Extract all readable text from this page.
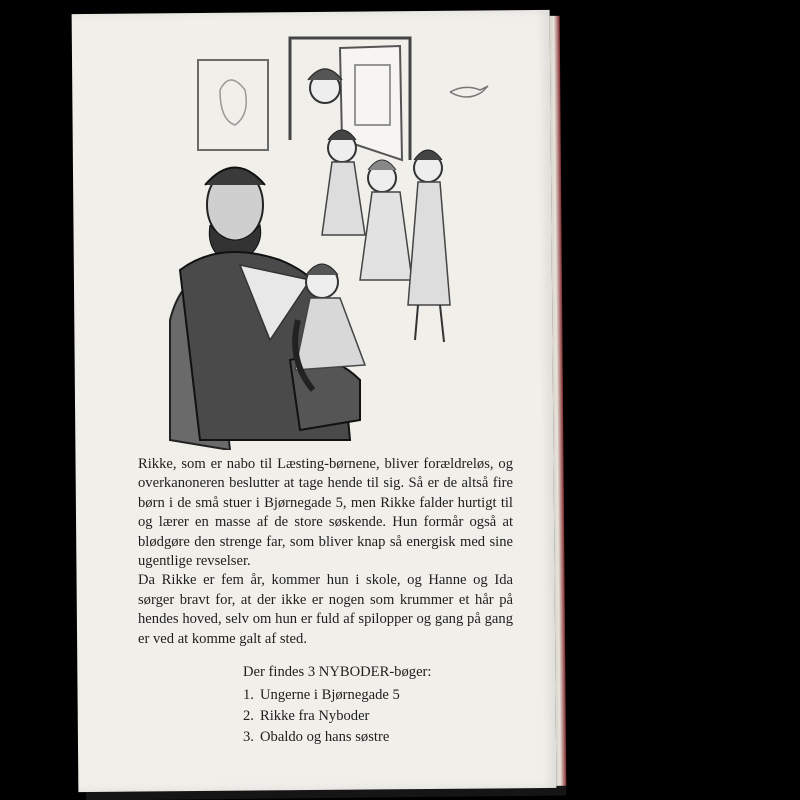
Rikke, som er nabo til Læsting-børnene, bliver forældreløs, og overkanoneren beslutter at tage hende til sig. Så er de altså fire børn i de små stuer i Bjørnegade 5, men Rikke falder hurtigt til og lærer en masse af de store søskende. Hun formår også at blødgøre den strenge far, som bliver knap så energisk med sine ugentlige revselser.

Da Rikke er fem år, kommer hun i skole, og Hanne og Ida sørger bravt for, at der ikke er nogen som krummer et hår på hendes hoved, selv om hun er fuld af spilopper og gang på gang er ved at komme galt af sted.

Der findes 3 NYBODER-bøger:

1. Ungerne i Bjørnegade 5
2. Rikke fra Nyboder
3. Obaldo og hans søstre
